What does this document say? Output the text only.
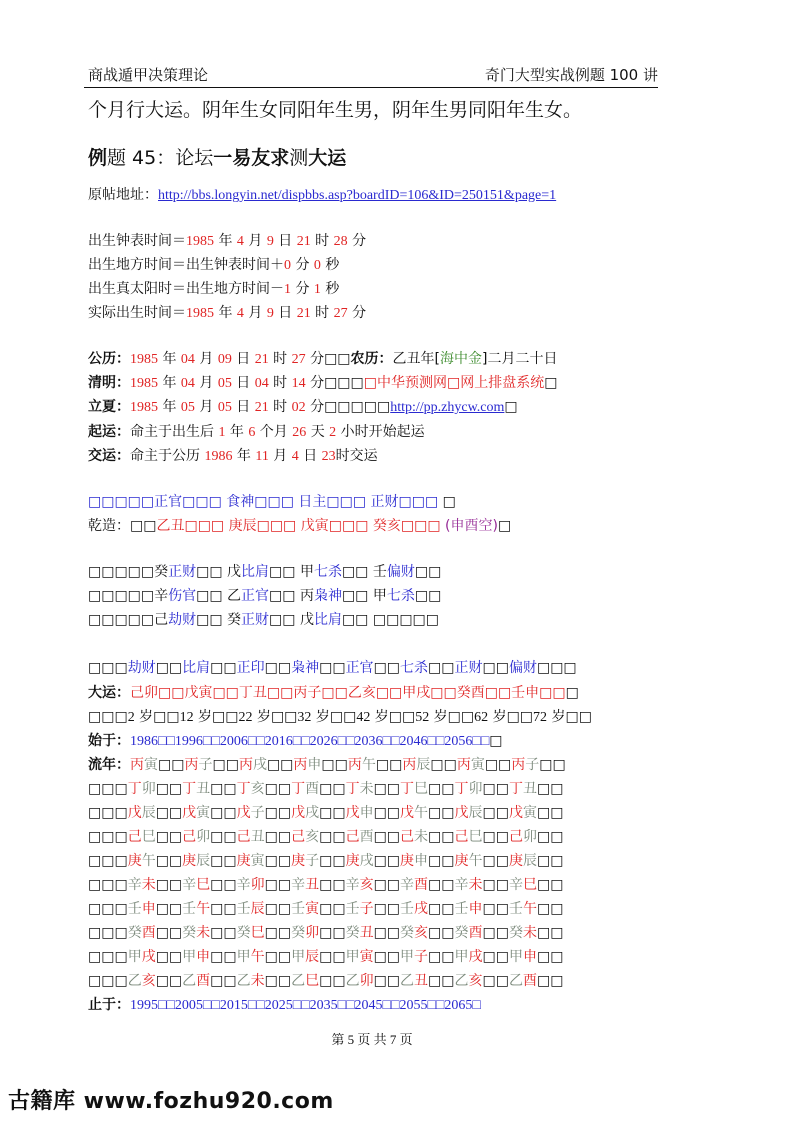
商战遁甲决策理论	奇门大型实战例题 100 讲
个月行大运。阴年生女同阳年生男，阴年生男同阳年生女。
例题 45：论坛一易友求测大运
原帖地址：http://bbs.longyin.net/dispbbs.asp?boardID=106&ID=250151&page=1
出生钟表时间＝1985 年 4 月 9 日 21 时 28 分
出生地方时间＝出生钟表时间＋0 分 0 秒
出生真太阳时＝出生地方时间－1 分 1 秒
实际出生时间＝1985 年 4 月 9 日 21 时 27 分
公历：1985 年 04 月 09 日 21 时 27 分□□农历：乙丑年[海中金]二月二十日
清明：1985 年 04 月 05 日 04 时 14 分□□□□中华预测网□网上排盘系统□
立夏：1985 年 05 月 05 日 21 时 02 分□□□□□http://pp.zhycw.com□
起运：命主于出生后 1 年 6 个月 26 天 2 小时开始起运
交运：命主于公历 1986 年 11 月 4 日 23时交运
□□□□□正官□□□ 食神□□□ 日主□□□ 正财□□□ □
乾造：□□乙丑□□□ 庚辰□□□ 戊寅□□□ 癸亥□□□ (申酉空)□
□□□□□癸正财□□ 戊比肩□□ 甲七杀□□ 壬偏财□□
□□□□□辛伤官□□ 乙正官□□ 丙枭神□□ 甲七杀□□
□□□□□己劫财□□ 癸正财□□ 戊比肩□□ □□□□□
□□□劫财□□比肩□□正印□□枭神□□正官□□七杀□□正财□□偏财□□□
大运：己卯□□戊寅□□丁丑□□丙子□□乙亥□□甲戌□□癸酉□□壬申□□□
□□□2 岁□□12 岁□□22 岁□□32 岁□□42 岁□□52 岁□□62 岁□□72 岁□□
始于：1986□□1996□□2006□□2016□□2026□□2036□□2046□□2056□□□
流年：丙寅□□丙子□□丙戌□□丙申□□丙午□□丙辰□□丙寅□□丙子□□
□□□丁卯□□丁丑□□丁亥□□丁酉□□丁未□□丁巳□□丁卯□□丁丑□□
□□□戊辰□□戊寅□□戊子□□戊戌□□戊申□□戊午□□戊辰□□戊寅□□
□□□己巳□□己卯□□己丑□□己亥□□己酉□□己未□□己巳□□己卯□□
□□□庚午□□庚辰□□庚寅□□庚子□□庚戌□□庚申□□庚午□□庚辰□□
□□□辛未□□辛巳□□辛卯□□辛丑□□辛亥□□辛酉□□辛未□□辛巳□□
□□□壬申□□壬午□□壬辰□□壬寅□□壬子□□壬戌□□壬申□□壬午□□
□□□癸酉□□癸未□□癸巳□□癸卯□□癸丑□□癸亥□□癸酉□□癸未□□
□□□甲戌□□甲申□□甲午□□甲辰□□甲寅□□甲子□□甲戌□□甲申□□
□□□乙亥□□乙酉□□乙未□□乙巳□□乙卯□□乙丑□□乙亥□□乙酉□□
止于：1995□□2005□□2015□□2025□□2035□□2045□□2055□□2065□
第 5 页 共 7 页
古籍库 www.fozhu920.com
